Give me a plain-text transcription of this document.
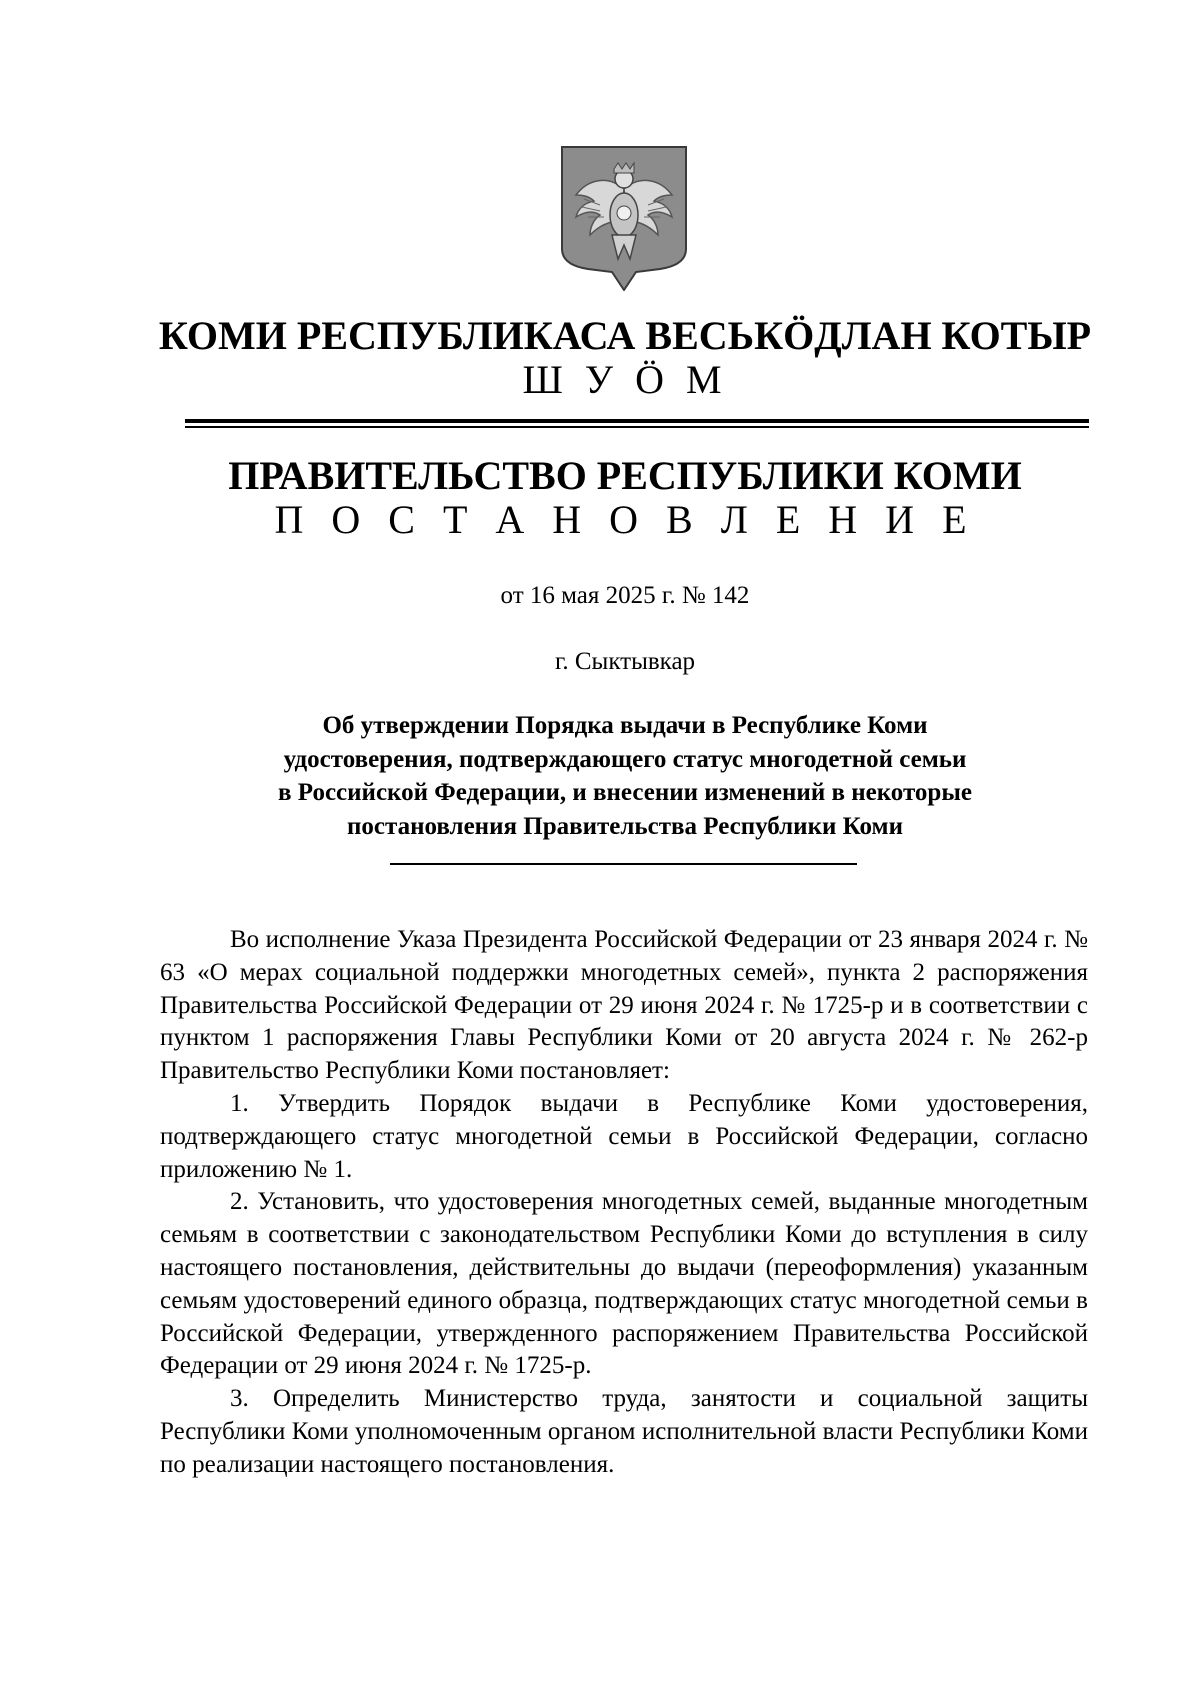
КОМИ РЕСПУБЛИКАСА ВЕСЬКӦДЛАН КОТЫР
Ш У Ӧ М
ПРАВИТЕЛЬСТВО РЕСПУБЛИКИ КОМИ
П О С Т А Н О В Л Е Н И Е
от 16 мая 2025 г. № 142
г. Сыктывкар
Об утверждении Порядка выдачи в Республике Коми
удостоверения, подтверждающего статус многодетной семьи
в Российской Федерации, и внесении изменений в некоторые
постановления Правительства Республики Коми

Во исполнение Указа Президента Российской Федерации от 23 января 2024 г. № 63 «О мерах социальной поддержки многодетных семей», пункта 2 распоряжения Правительства Российской Федерации от 29 июня 2024 г. № 1725-р и в соответствии с пунктом 1 распоряжения Главы Республики Коми от 20 августа 2024 г. № 262-р Правительство Республики Коми постановляет:

1. Утвердить Порядок выдачи в Республике Коми удостоверения, подтверждающего статус многодетной семьи в Российской Федерации, согласно приложению № 1.

2. Установить, что удостоверения многодетных семей, выданные многодетным семьям в соответствии с законодательством Республики Коми до вступления в силу настоящего постановления, действительны до выдачи (переоформления) указанным семьям удостоверений единого образца, подтверждающих статус многодетной семьи в Российской Федерации, утвержденного распоряжением Правительства Российской Федерации от 29 июня 2024 г. № 1725-р.

3. Определить Министерство труда, занятости и социальной защиты Республики Коми уполномоченным органом исполнительной власти Республики Коми по реализации настоящего постановления.
